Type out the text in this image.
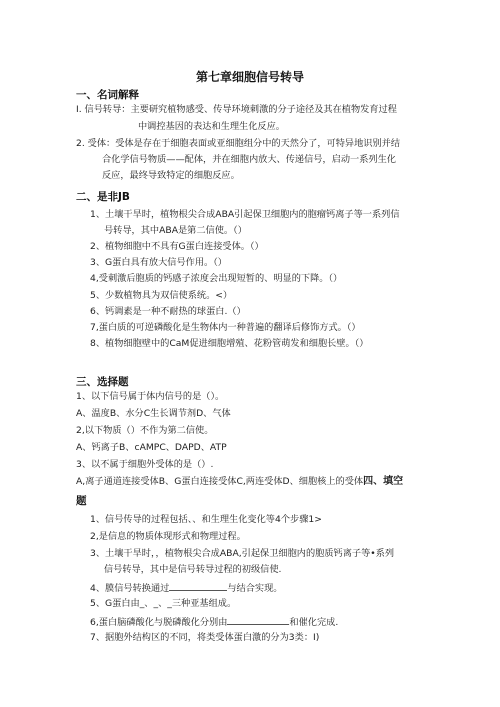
第七章细胞信号转导
一、名词解释
I. 信号转导：主要研究植物感受、传导环境刺激的分子途径及其在植物发育过程
中调控基因的表达和生理生化反应。
2. 受体：受体是存在于细胞表面或亚细胞组分中的天然分了，可特异地识别并结
合化学信号物质——配体，并在细胞内放大、传递信号，启动一系列生化
反应，最终导致特定的细胞反应。
二、是非JB
1、土壤干旱时，植物根尖合成ABA引起保卫细胞内的胞瘤钙离子等一系列信
号转导，其中ABA是第二信使。（）
2、植物细胞中不具有G蛋白连接受体。（）
3、G蛋白具有放大信号作用。（）
4,受刺激后胞质的钙感子浓度会出现短暂的、明显的下降。（）
5、少数植物具为双信使系统。<）
6、钙调素是一种不耐热的球蛋白.（）
7,蛋白质的可逆磷酸化是生物体内一种普遍的翻译后修饰方式。（）
8、植物细胞壁中的CaM促进细胞增殖、花粉管萌发和细胞长壁。（）
三、选择题
1、以下信号属于体内信号的是（）。
A、温度B、水分C生长调节剂D、气体
2,以下物质（）不作为第二信使。
A、钙离子B、cAMPC、DAPD、ATP
3、以不属于细胞外受体的是（）.
A,离子通道连接受体B、G蛋白连接受体C,两连受体D、细胞核上的受体四、填空
题
1、信号传导的过程包括、、和生理生化变化等4个步骤1>
2,是信息的物质体现形式和物理过程。
3、土壤干旱时，，植物根尖合成ABA,引起保卫细胞内的胞质钙离子等•系列
信号转导，其中是信号转导过程的初级信使.
4、膜信号转换通过	与结合实现。
5、G蛋白由_、_、_三种亚基组成。
6,蛋白脑磷酸化与脱磷酸化分别由	和催化完成.
7、据胞外结构区的不同，将类受体蛋白激的分为3类：I)
